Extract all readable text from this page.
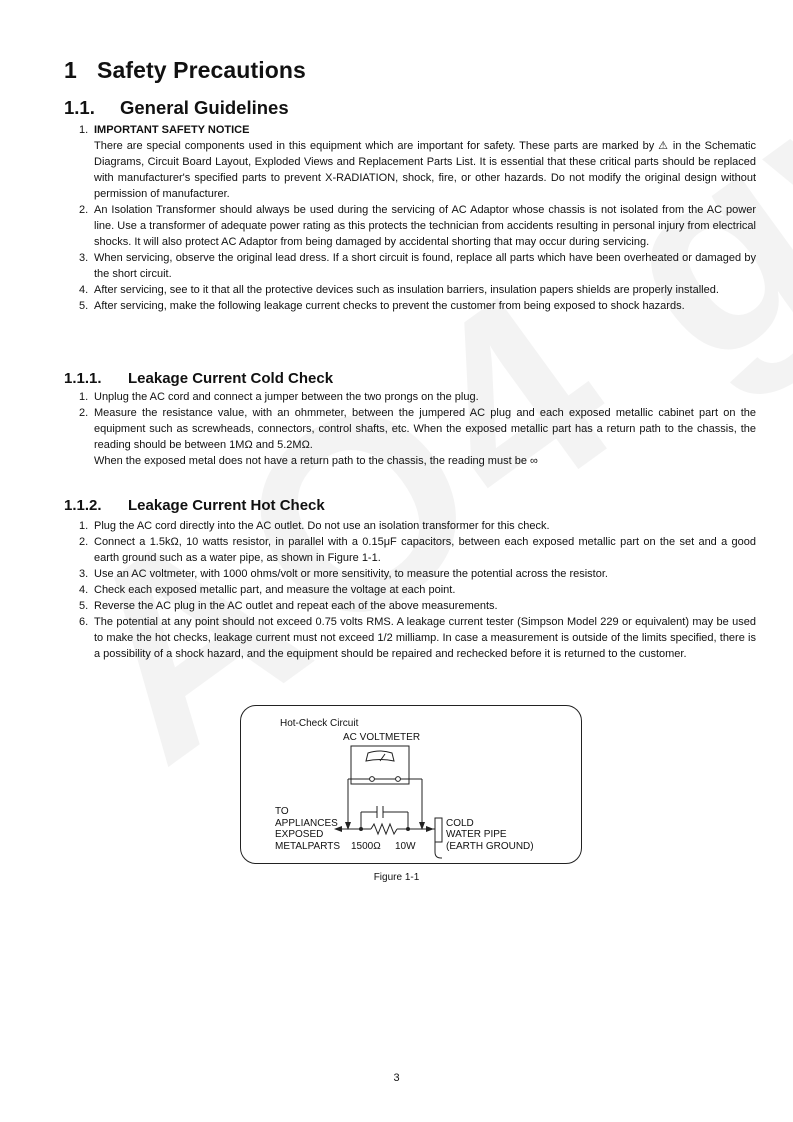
1 Safety Precautions
1.1. General Guidelines
1. IMPORTANT SAFETY NOTICE
There are special components used in this equipment which are important for safety. These parts are marked by ⚠ in the Schematic Diagrams, Circuit Board Layout, Exploded Views and Replacement Parts List. It is essential that these critical parts should be replaced with manufacturer's specified parts to prevent X-RADIATION, shock, fire, or other hazards. Do not modify the original design without permission of manufacturer.
2. An Isolation Transformer should always be used during the servicing of AC Adaptor whose chassis is not isolated from the AC power line. Use a transformer of adequate power rating as this protects the technician from accidents resulting in personal injury from electrical shocks. It will also protect AC Adaptor from being damaged by accidental shorting that may occur during servicing.
3. When servicing, observe the original lead dress. If a short circuit is found, replace all parts which have been overheated or damaged by the short circuit.
4. After servicing, see to it that all the protective devices such as insulation barriers, insulation papers shields are properly installed.
5. After servicing, make the following leakage current checks to prevent the customer from being exposed to shock hazards.
1.1.1. Leakage Current Cold Check
1. Unplug the AC cord and connect a jumper between the two prongs on the plug.
2. Measure the resistance value, with an ohmmeter, between the jumpered AC plug and each exposed metallic cabinet part on the equipment such as screwheads, connectors, control shafts, etc. When the exposed metallic part has a return path to the chassis, the reading should be between 1MΩ and 5.2MΩ.
When the exposed metal does not have a return path to the chassis, the reading must be ∞
1.1.2. Leakage Current Hot Check
1. Plug the AC cord directly into the AC outlet. Do not use an isolation transformer for this check.
2. Connect a 1.5kΩ, 10 watts resistor, in parallel with a 0.15μF capacitors, between each exposed metallic part on the set and a good earth ground such as a water pipe, as shown in Figure 1-1.
3. Use an AC voltmeter, with 1000 ohms/volt or more sensitivity, to measure the potential across the resistor.
4. Check each exposed metallic part, and measure the voltage at each point.
5. Reverse the AC plug in the AC outlet and repeat each of the above measurements.
6. The potential at any point should not exceed 0.75 volts RMS. A leakage current tester (Simpson Model 229 or equivalent) may be used to make the hot checks, leakage current must not exceed 1/2 milliamp. In case a measurement is outside of the limits specified, there is a possibility of a shock hazard, and the equipment should be repaired and rechecked before it is returned to the customer.
Hot-Check Circuit
AC VOLTMETER
TO
APPLIANCES
EXPOSED
METALPARTS 1500Ω 10W
COLD
WATER PIPE
(EARTH GROUND)
Figure 1-1
3
